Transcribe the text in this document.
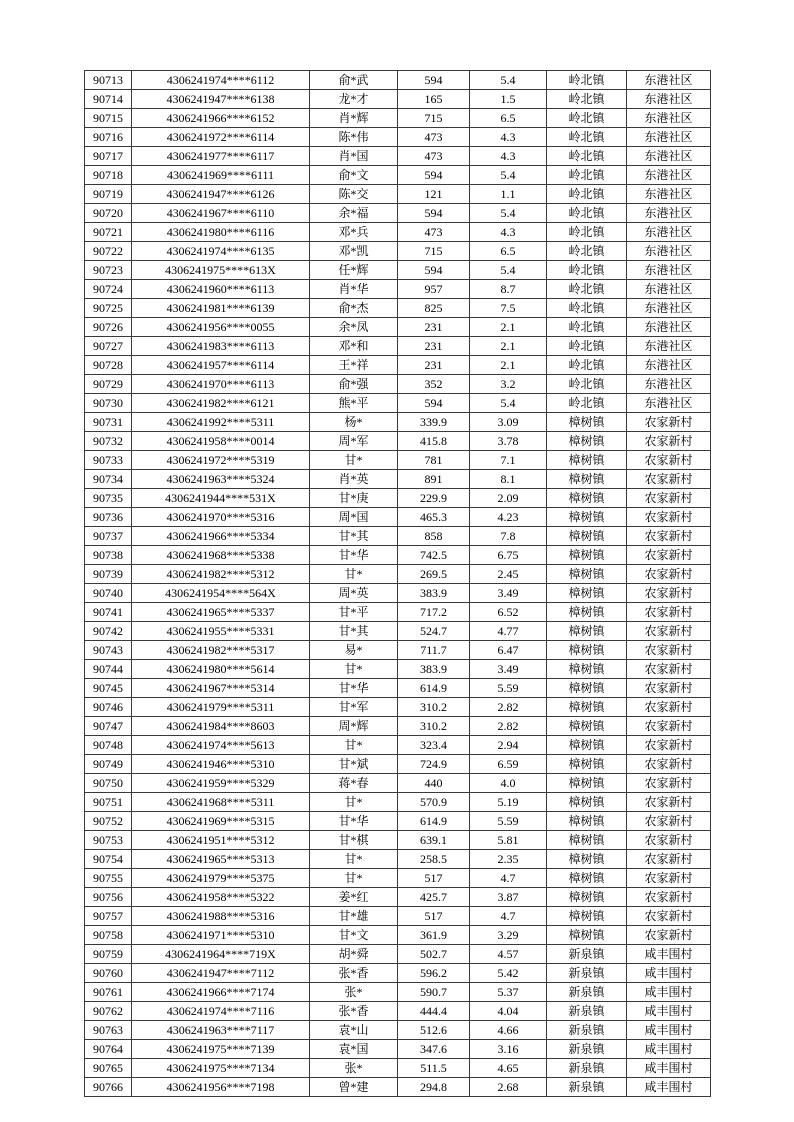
90713	4306241974****6112	俞*武	594	5.4	岭北镇	东港社区
90714	4306241947****6138	龙*才	165	1.5	岭北镇	东港社区
90715	4306241966****6152	肖*辉	715	6.5	岭北镇	东港社区
90716	4306241972****6114	陈*伟	473	4.3	岭北镇	东港社区
90717	4306241977****6117	肖*国	473	4.3	岭北镇	东港社区
90718	4306241969****6111	俞*文	594	5.4	岭北镇	东港社区
90719	4306241947****6126	陈*交	121	1.1	岭北镇	东港社区
90720	4306241967****6110	余*福	594	5.4	岭北镇	东港社区
90721	4306241980****6116	邓*兵	473	4.3	岭北镇	东港社区
90722	4306241974****6135	邓*凯	715	6.5	岭北镇	东港社区
90723	4306241975****613X	任*辉	594	5.4	岭北镇	东港社区
90724	4306241960****6113	肖*华	957	8.7	岭北镇	东港社区
90725	4306241981****6139	俞*杰	825	7.5	岭北镇	东港社区
90726	4306241956****0055	余*凤	231	2.1	岭北镇	东港社区
90727	4306241983****6113	邓*和	231	2.1	岭北镇	东港社区
90728	4306241957****6114	王*祥	231	2.1	岭北镇	东港社区
90729	4306241970****6113	俞*强	352	3.2	岭北镇	东港社区
90730	4306241982****6121	熊*平	594	5.4	岭北镇	东港社区
90731	4306241992****5311	杨*	339.9	3.09	樟树镇	农家新村
90732	4306241958****0014	周*军	415.8	3.78	樟树镇	农家新村
90733	4306241972****5319	甘*	781	7.1	樟树镇	农家新村
90734	4306241963****5324	肖*英	891	8.1	樟树镇	农家新村
90735	4306241944****531X	甘*庚	229.9	2.09	樟树镇	农家新村
90736	4306241970****5316	周*国	465.3	4.23	樟树镇	农家新村
90737	4306241966****5334	甘*其	858	7.8	樟树镇	农家新村
90738	4306241968****5338	甘*华	742.5	6.75	樟树镇	农家新村
90739	4306241982****5312	甘*	269.5	2.45	樟树镇	农家新村
90740	4306241954****564X	周*英	383.9	3.49	樟树镇	农家新村
90741	4306241965****5337	甘*平	717.2	6.52	樟树镇	农家新村
90742	4306241955****5331	甘*其	524.7	4.77	樟树镇	农家新村
90743	4306241982****5317	易*	711.7	6.47	樟树镇	农家新村
90744	4306241980****5614	甘*	383.9	3.49	樟树镇	农家新村
90745	4306241967****5314	甘*华	614.9	5.59	樟树镇	农家新村
90746	4306241979****5311	甘*军	310.2	2.82	樟树镇	农家新村
90747	4306241984****8603	周*辉	310.2	2.82	樟树镇	农家新村
90748	4306241974****5613	甘*	323.4	2.94	樟树镇	农家新村
90749	4306241946****5310	甘*斌	724.9	6.59	樟树镇	农家新村
90750	4306241959****5329	蒋*春	440	4.0	樟树镇	农家新村
90751	4306241968****5311	甘*	570.9	5.19	樟树镇	农家新村
90752	4306241969****5315	甘*华	614.9	5.59	樟树镇	农家新村
90753	4306241951****5312	甘*棋	639.1	5.81	樟树镇	农家新村
90754	4306241965****5313	甘*	258.5	2.35	樟树镇	农家新村
90755	4306241979****5375	甘*	517	4.7	樟树镇	农家新村
90756	4306241958****5322	姜*红	425.7	3.87	樟树镇	农家新村
90757	4306241988****5316	甘*雄	517	4.7	樟树镇	农家新村
90758	4306241971****5310	甘*文	361.9	3.29	樟树镇	农家新村
90759	4306241964****719X	胡*舜	502.7	4.57	新泉镇	咸丰围村
90760	4306241947****7112	张*香	596.2	5.42	新泉镇	咸丰围村
90761	4306241966****7174	张*	590.7	5.37	新泉镇	咸丰围村
90762	4306241974****7116	张*香	444.4	4.04	新泉镇	咸丰围村
90763	4306241963****7117	袁*山	512.6	4.66	新泉镇	咸丰围村
90764	4306241975****7139	袁*国	347.6	3.16	新泉镇	咸丰围村
90765	4306241975****7134	张*	511.5	4.65	新泉镇	咸丰围村
90766	4306241956****7198	曾*建	294.8	2.68	新泉镇	咸丰围村
